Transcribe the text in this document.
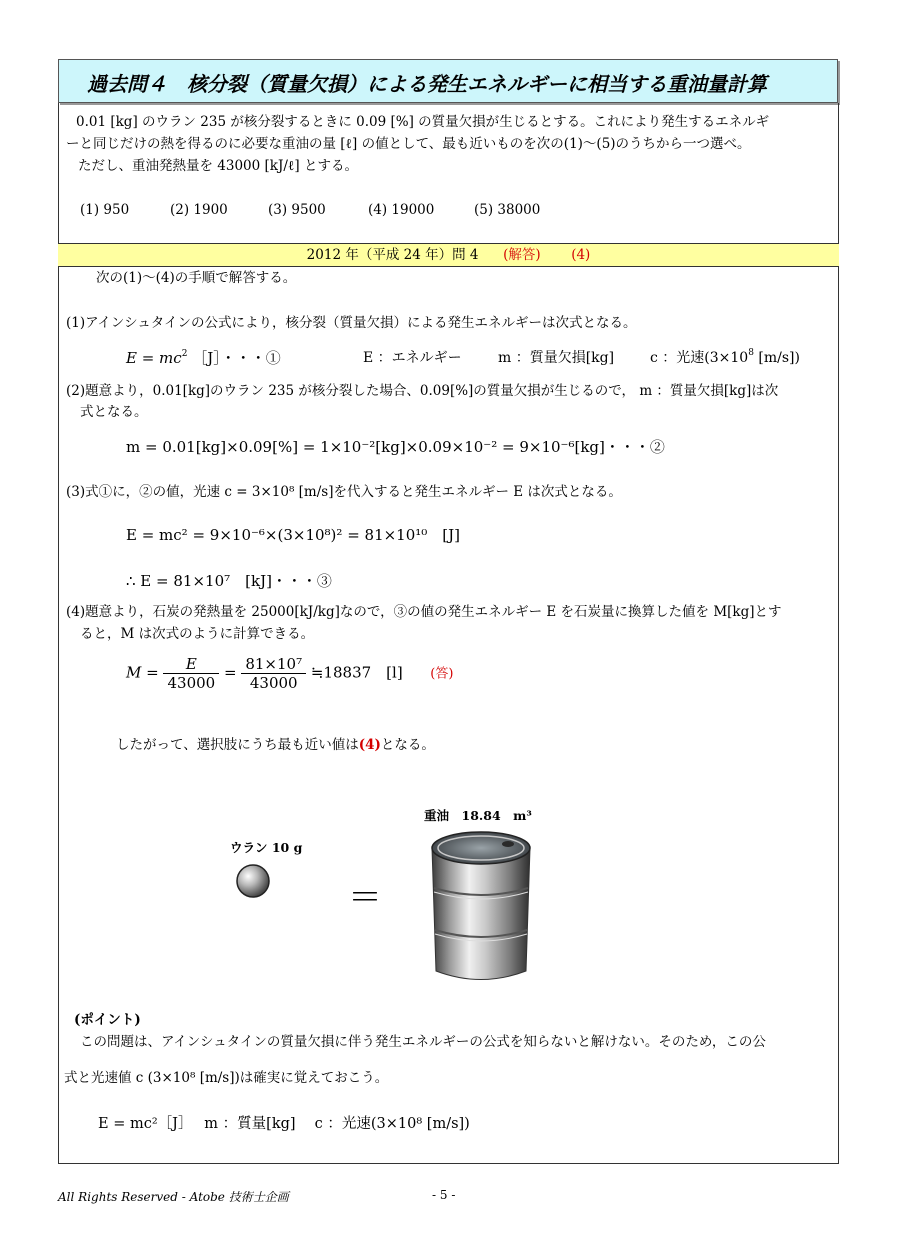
過去問４　核分裂（質量欠損）による発生エネルギーに相当する重油量計算
0.01 [kg] のウラン 235 が核分裂するときに 0.09 [%] の質量欠損が生じるとする。これにより発生するエネルギ
ーと同じだけの熱を得るのに必要な重油の量 [ℓ] の値として、最も近いものを次の(1)～(5)のうちから一つ選べ。
ただし、重油発熱量を 43000 [kJ/ℓ] とする。
(1) 950	(2) 1900	(3) 9500	(4) 19000	(5) 38000
2012 年（平成 24 年）問 4 (解答) (4)
次の(1)～(4)の手順で解答する。
(1)アインシュタインの公式により，核分裂（質量欠損）による発生エネルギーは次式となる。
$E = mc^2$ ［J］・・・①	E ：エネルギー	m ：質量欠損[kg]	c ：光速($3\times 10^8$ [m/s])
(2)題意より，0.01[kg]のウラン 235 が核分裂した場合、0.09[%]の質量欠損が生じるので， m ：質量欠損[kg]は次
式となる。
m = 0.01[kg]×0.09[%] = 1×10⁻²[kg]×0.09×10⁻² = 9×10⁻⁶[kg]・・・②
(3)式①に，②の値，光速 c = 3×10⁸ [m/s]を代入すると発生エネルギー E は次式となる。
E = mc² = 9×10⁻⁶×(3×10⁸)² = 81×10¹⁰　[J]
∴ E = 81×10⁷　[kJ]・・・③
(4)題意より，石炭の発熱量を 25000[kJ/kg]なので，③の値の発生エネルギー E を石炭量に換算した値を M[kg]とす
ると，M は次式のように計算できる。
$M = \frac{E}{43000} = \frac{\text{81×10⁷}}{43000}$ ≒18837　[l] (答)
したがって、選択肢にうち最も近い値は(4)となる。
重油　18.84　m³
ウラン 10 g
＝
(ポイント)
この問題は、アインシュタインの質量欠損に伴う発生エネルギーの公式を知らないと解けない。そのため，この公
式と光速値 c (3×10⁸ [m/s])は確実に覚えておこう。
E = mc²［J］　 m ：質量[kg]　 c ：光速(3×10⁸ [m/s])
All Rights Reserved - Atobe 技術士企画	- 5 -
